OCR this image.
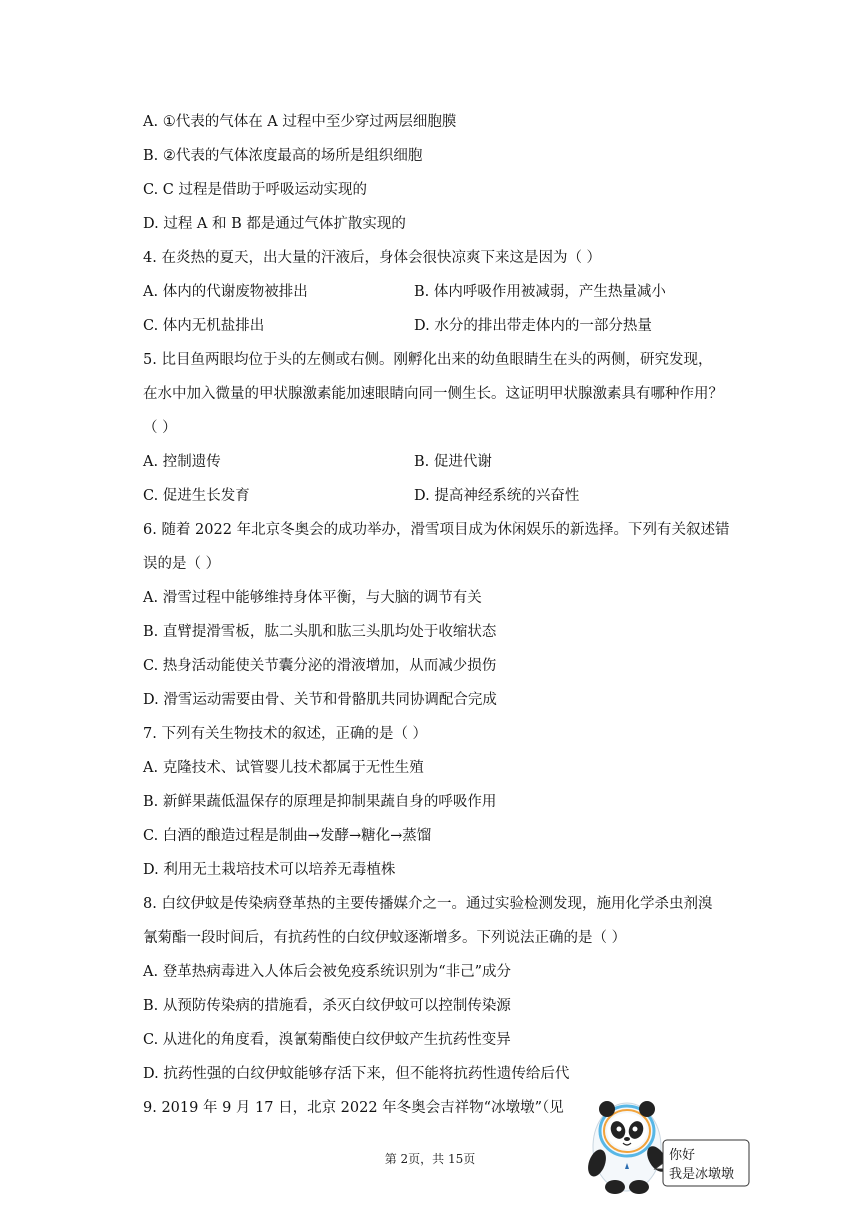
A. ①代表的气体在 A 过程中至少穿过两层细胞膜
B. ②代表的气体浓度最高的场所是组织细胞
C. C 过程是借助于呼吸运动实现的
D. 过程 A 和 B 都是通过气体扩散实现的
4. 在炎热的夏天，出大量的汗液后，身体会很快凉爽下来这是因为（ ）
A. 体内的代谢废物被排出
C. 体内无机盐排出
5. 比目鱼两眼均位于头的左侧或右侧。刚孵化出来的幼鱼眼睛生在头的两侧，研究发现，
在水中加入微量的甲状腺激素能加速眼睛向同一侧生长。这证明甲状腺激素具有哪种作用？
（ ）
A. 控制遗传
C. 促进生长发育
6. 随着 2022 年北京冬奥会的成功举办，滑雪项目成为休闲娱乐的新选择。下列有关叙述错
误的是（ ）
A. 滑雪过程中能够维持身体平衡，与大脑的调节有关
B. 直臂提滑雪板，肱二头肌和肱三头肌均处于收缩状态
C. 热身活动能使关节囊分泌的滑液增加，从而减少损伤
D. 滑雪运动需要由骨、关节和骨骼肌共同协调配合完成
7. 下列有关生物技术的叙述，正确的是（ ）
A. 克隆技术、试管婴儿技术都属于无性生殖
B. 新鲜果蔬低温保存的原理是抑制果蔬自身的呼吸作用
C. 白酒的酿造过程是制曲→发酵→糖化→蒸馏
D. 利用无土栽培技术可以培养无毒植株
8. 白纹伊蚊是传染病登革热的主要传播媒介之一。通过实验检测发现，施用化学杀虫剂溴
氰菊酯一段时间后，有抗药性的白纹伊蚊逐渐增多。下列说法正确的是（ ）
A. 登革热病毒进入人体后会被免疫系统识别为“非己”成分
B. 从预防传染病的措施看，杀灭白纹伊蚊可以控制传染源
C. 从进化的角度看，溴氰菊酯使白纹伊蚊产生抗药性变异
D. 抗药性强的白纹伊蚊能够存活下来，但不能将抗药性遗传给后代
9. 2019 年 9 月 17 日，北京 2022 年冬奥会吉祥物“冰墩墩”（见
B. 体内呼吸作用被减弱，产生热量减小
D. 水分的排出带走体内的一部分热量
B. 促进代谢
D. 提高神经系统的兴奋性
第 2页，共 15页	你好
我是冰墩墩
